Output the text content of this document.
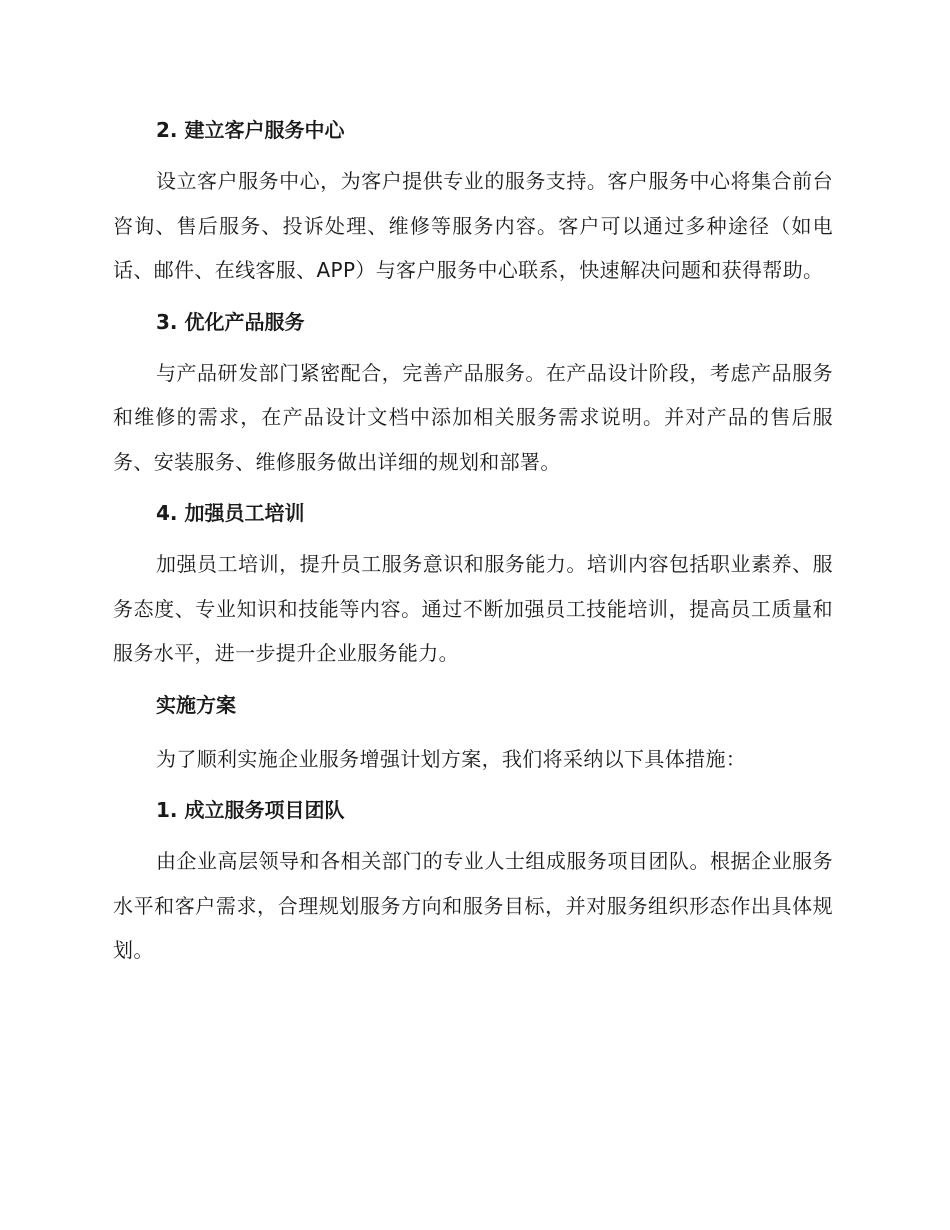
2. 建立客户服务中心

设立客户服务中心，为客户提供专业的服务支持。客户服务中心将集合前台咨询、售后服务、投诉处理、维修等服务内容。客户可以通过多种途径（如电话、邮件、在线客服、APP）与客户服务中心联系，快速解决问题和获得帮助。

3. 优化产品服务

与产品研发部门紧密配合，完善产品服务。在产品设计阶段，考虑产品服务和维修的需求，在产品设计文档中添加相关服务需求说明。并对产品的售后服务、安装服务、维修服务做出详细的规划和部署。

4. 加强员工培训

加强员工培训，提升员工服务意识和服务能力。培训内容包括职业素养、服务态度、专业知识和技能等内容。通过不断加强员工技能培训，提高员工质量和服务水平，进一步提升企业服务能力。

实施方案

为了顺利实施企业服务增强计划方案，我们将采纳以下具体措施：

1. 成立服务项目团队

由企业高层领导和各相关部门的专业人士组成服务项目团队。根据企业服务水平和客户需求，合理规划服务方向和服务目标，并对服务组织形态作出具体规划。
